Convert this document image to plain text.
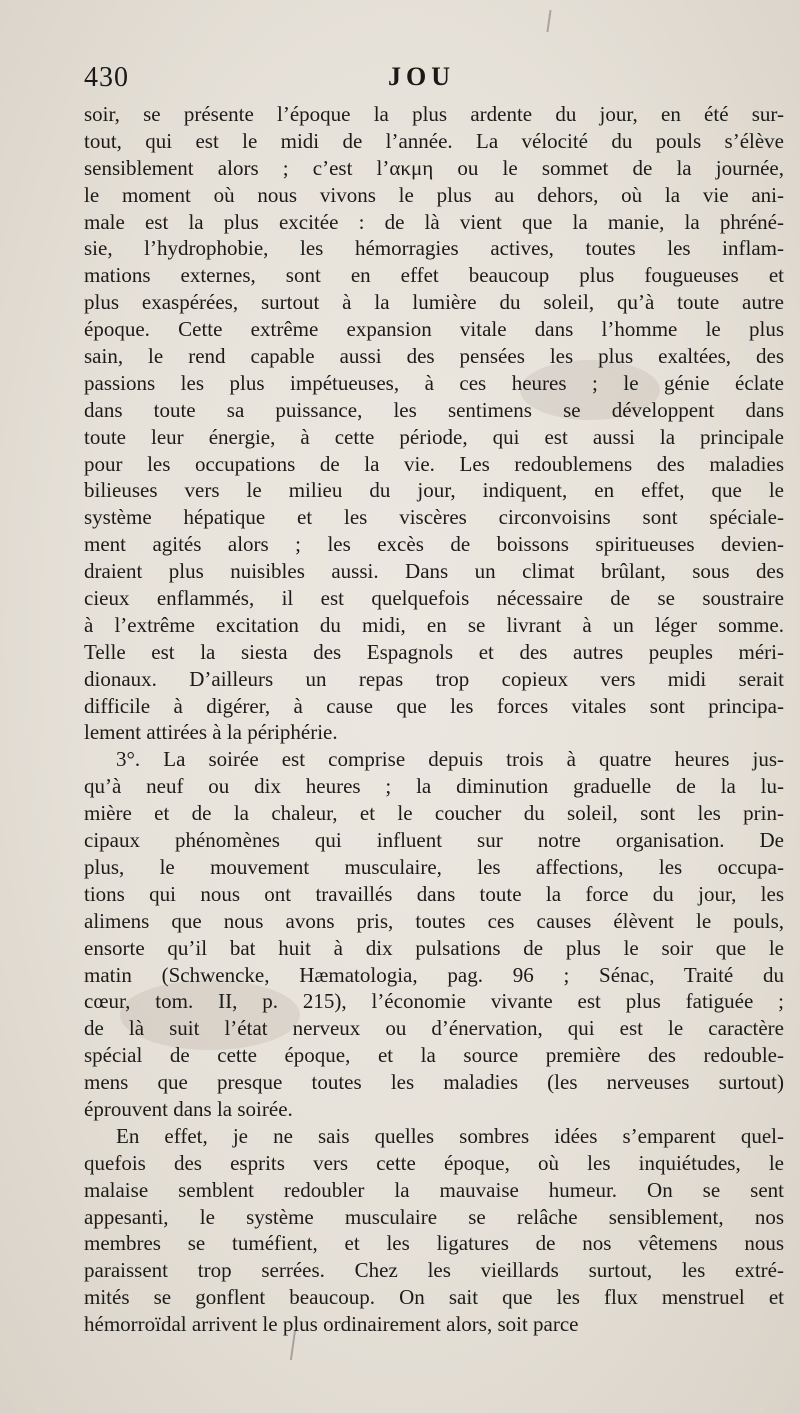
430	JOU
soir, se présente l’époque la plus ardente du jour, en été sur-
tout, qui est le midi de l’année. La vélocité du pouls s’élève
sensiblement alors ; c’est l’ακμη ou le sommet de la journée,
le moment où nous vivons le plus au dehors, où la vie ani-
male est la plus excitée : de là vient que la manie, la phréné-
sie, l’hydrophobie, les hémorragies actives, toutes les inflam-
mations externes, sont en effet beaucoup plus fougueuses et
plus exaspérées, surtout à la lumière du soleil, qu’à toute autre
époque. Cette extrême expansion vitale dans l’homme le plus
sain, le rend capable aussi des pensées les plus exaltées, des
passions les plus impétueuses, à ces heures ; le génie éclate
dans toute sa puissance, les sentimens se développent dans
toute leur énergie, à cette période, qui est aussi la principale
pour les occupations de la vie. Les redoublemens des maladies
bilieuses vers le milieu du jour, indiquent, en effet, que le
système hépatique et les viscères circonvoisins sont spéciale-
ment agités alors ; les excès de boissons spiritueuses devien-
draient plus nuisibles aussi. Dans un climat brûlant, sous des
cieux enflammés, il est quelquefois nécessaire de se soustraire
à l’extrême excitation du midi, en se livrant à un léger somme.
Telle est la siesta des Espagnols et des autres peuples méri-
dionaux. D’ailleurs un repas trop copieux vers midi serait
difficile à digérer, à cause que les forces vitales sont principa-
lement attirées à la périphérie.
3°. La soirée est comprise depuis trois à quatre heures jus-
qu’à neuf ou dix heures ; la diminution graduelle de la lu-
mière et de la chaleur, et le coucher du soleil, sont les prin-
cipaux phénomènes qui influent sur notre organisation. De
plus, le mouvement musculaire, les affections, les occupa-
tions qui nous ont travaillés dans toute la force du jour, les
alimens que nous avons pris, toutes ces causes élèvent le pouls,
ensorte qu’il bat huit à dix pulsations de plus le soir que le
matin (Schwencke, Hæmatologia, pag. 96 ; Sénac, Traité du
cœur, tom. II, p. 215), l’économie vivante est plus fatiguée ;
de là suit l’état nerveux ou d’énervation, qui est le caractère
spécial de cette époque, et la source première des redouble-
mens que presque toutes les maladies (les nerveuses surtout)
éprouvent dans la soirée.
En effet, je ne sais quelles sombres idées s’emparent quel-
quefois des esprits vers cette époque, où les inquiétudes, le
malaise semblent redoubler la mauvaise humeur. On se sent
appesanti, le système musculaire se relâche sensiblement, nos
membres se tuméfient, et les ligatures de nos vêtemens nous
paraissent trop serrées. Chez les vieillards surtout, les extré-
mités se gonflent beaucoup. On sait que les flux menstruel et
hémorroïdal arrivent le plus ordinairement alors, soit parce
